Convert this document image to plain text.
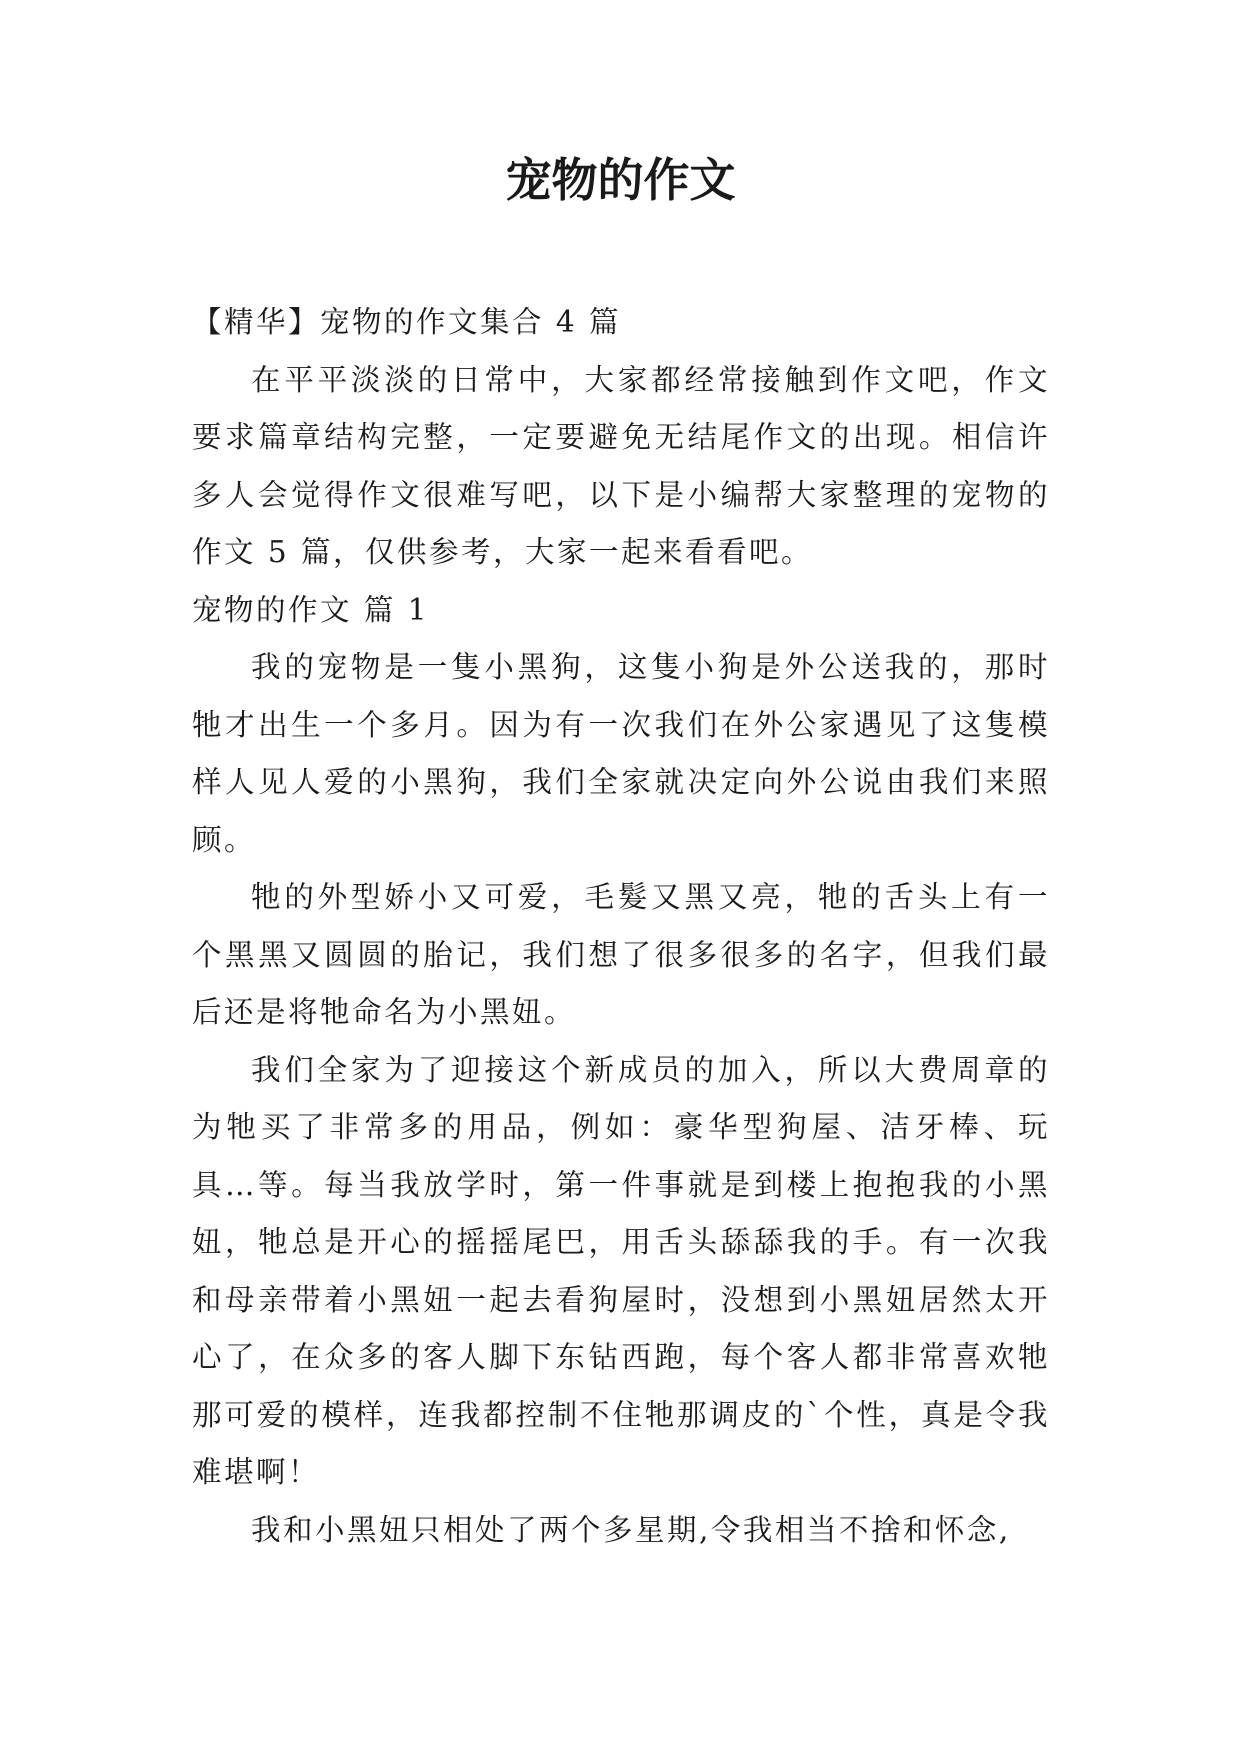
宠物的作文

【精华】宠物的作文集合 4 篇

在平平淡淡的日常中，大家都经常接触到作文吧，作文要求篇章结构完整，一定要避免无结尾作文的出现。相信许多人会觉得作文很难写吧，以下是小编帮大家整理的宠物的作文 5 篇，仅供参考，大家一起来看看吧。

宠物的作文 篇 1

我的宠物是一隻小黑狗，这隻小狗是外公送我的，那时牠才出生一个多月。因为有一次我们在外公家遇见了这隻模样人见人爱的小黑狗，我们全家就决定向外公说由我们来照顾。

牠的外型娇小又可爱，毛髮又黑又亮，牠的舌头上有一个黑黑又圆圆的胎记，我们想了很多很多的名字，但我们最后还是将牠命名为小黑妞。

我们全家为了迎接这个新成员的加入，所以大费周章的为牠买了非常多的用品，例如：豪华型狗屋、洁牙棒、玩具…等。每当我放学时，第一件事就是到楼上抱抱我的小黑妞，牠总是开心的摇摇尾巴，用舌头舔舔我的手。有一次我和母亲带着小黑妞一起去看狗屋时，没想到小黑妞居然太开心了，在众多的客人脚下东钻西跑，每个客人都非常喜欢牠那可爱的模样，连我都控制不住牠那调皮的`个性，真是令我难堪啊！

我和小黑妞只相处了两个多星期,令我相当不捨和怀念,
